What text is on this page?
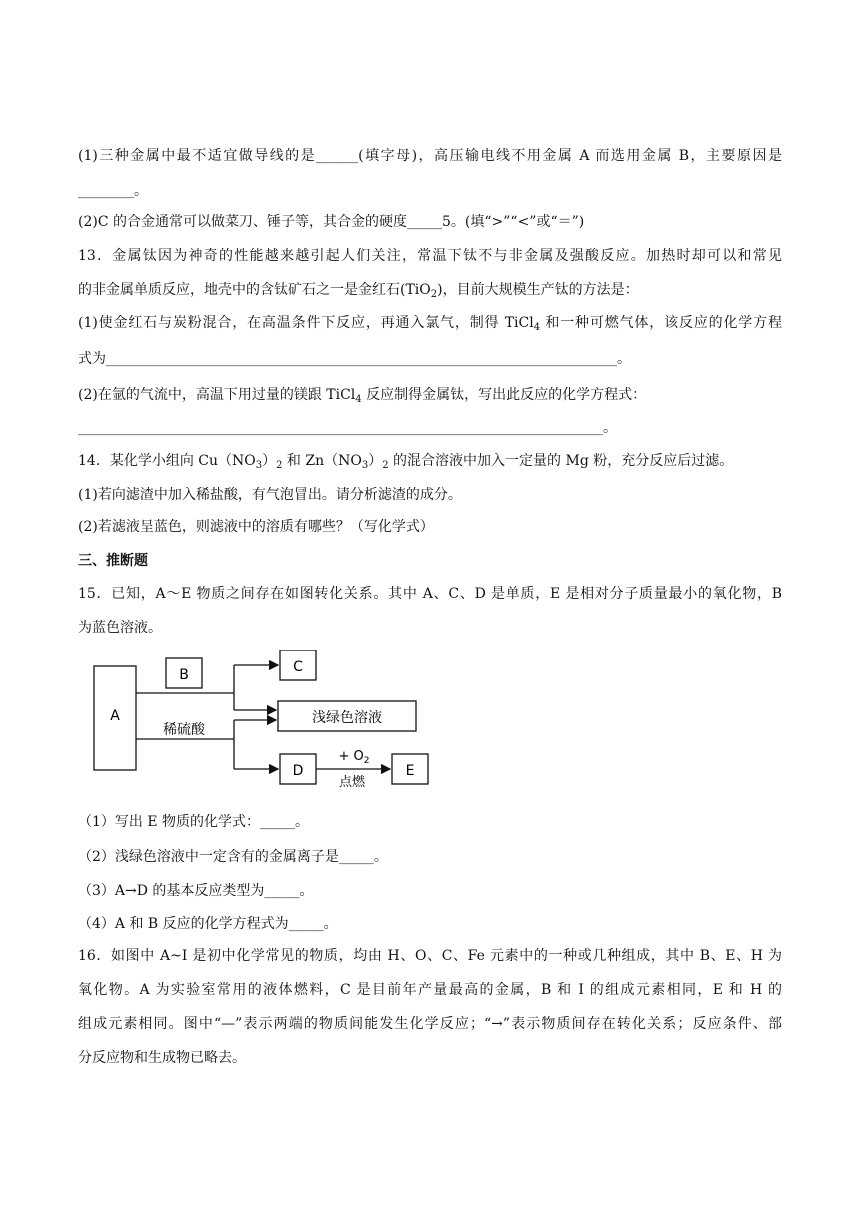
(1)三种金属中最不适宜做导线的是______(填字母)，高压输电线不用金属 A 而选用金属 B，主要原因是
________。
(2)C 的合金通常可以做菜刀、锤子等，其合金的硬度_____5。(填“>”“<”或“＝”)
13．金属钛因为神奇的性能越来越引起人们关注，常温下钛不与非金属及强酸反应。加热时却可以和常见
的非金属单质反应，地壳中的含钛矿石之一是金红石(TiO$_2$)，目前大规模生产钛的方法是：
(1)使金红石与炭粉混合，在高温条件下反应，再通入氯气，制得 TiCl$_4$ 和一种可燃气体，该反应的化学方程
式为_________________________________________________________________________。
(2)在氩的气流中，高温下用过量的镁跟 TiCl$_4$ 反应制得金属钛，写出此反应的化学方程式：
___________________________________________________________________________。
14．某化学小组向 $Cu(NO_3)_2$ 和 $Zn(NO_3)_2$ 的混合溶液中加入一定量的 Mg 粉，充分反应后过滤。
(1)若向滤渣中加入稀盐酸，有气泡冒出。请分析滤渣的成分。
(2)若滤液呈蓝色，则滤液中的溶质有哪些？（写化学式）
三、推断题
15．已知，A～E 物质之间存在如图转化关系。其中 A、C、D 是单质，E 是相对分子质量最小的氧化物，B
为蓝色溶液。
A
B	C
浅绿色溶液
D	E
稀硫酸
+ $O_2$
点燃
（1）写出 E 物质的化学式：_____。
（2）浅绿色溶液中一定含有的金属离子是_____。
（3）A→D 的基本反应类型为_____。
（4）A 和 B 反应的化学方程式为_____。
16．如图中 A~I 是初中化学常见的物质，均由 H、O、C、Fe 元素中的一种或几种组成，其中 B、E、H 为
氧化物。A 为实验室常用的液体燃料，C 是目前年产量最高的金属，B 和 I 的组成元素相同，E 和 H 的
组成元素相同。图中“—”表示两端的物质间能发生化学反应；“→”表示物质间存在转化关系；反应条件、部
分反应物和生成物已略去。
